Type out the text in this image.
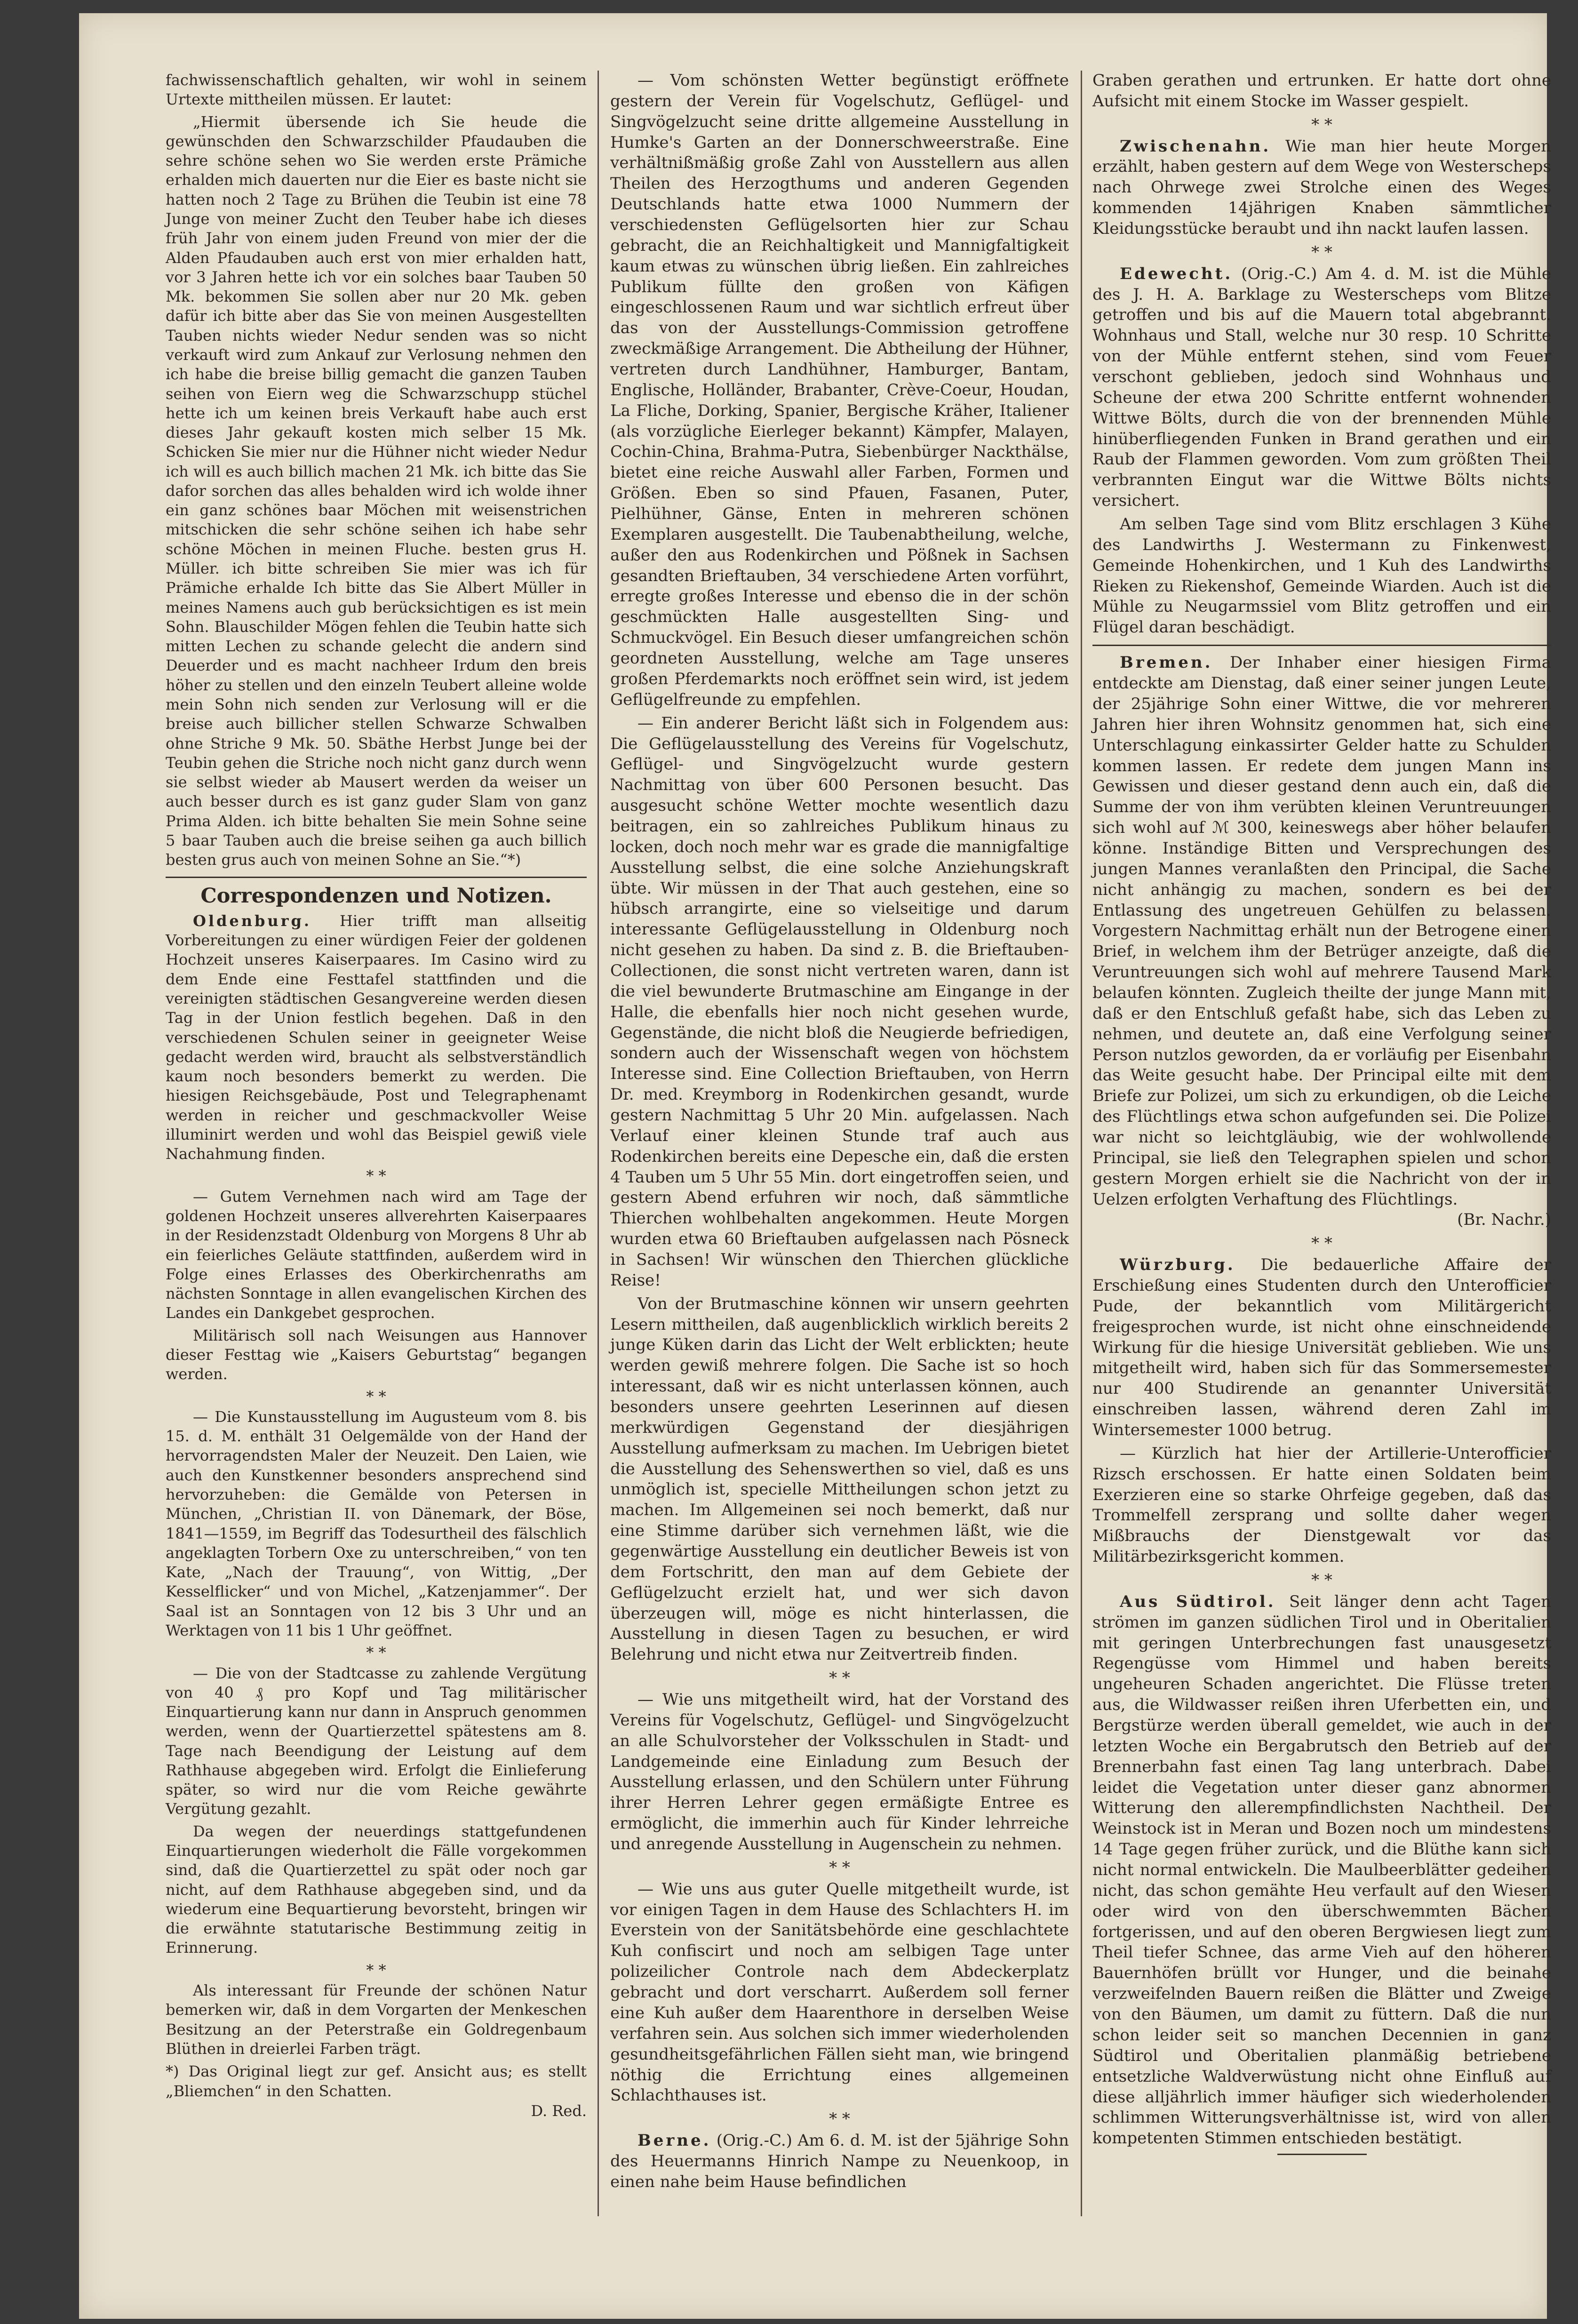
fachwissenschaftlich gehalten, wir wohl in seinem Urtexte mittheilen müssen. Er lautet:

„Hiermit übersende ich Sie heude die gewünschden den Schwarzschilder Pfaudauben die sehre schöne sehen wo Sie werden erste Prämiche erhalden mich dauerten nur die Eier es baste nicht sie hatten noch 2 Tage zu Brühen die Teubin ist eine 78 Junge von meiner Zucht den Teuber habe ich dieses früh Jahr von einem juden Freund von mier der die Alden Pfaudauben auch erst von mier erhalden hatt, vor 3 Jahren hette ich vor ein solches baar Tauben 50 Mk. bekommen Sie sollen aber nur 20 Mk. geben dafür ich bitte aber das Sie von meinen Ausgestellten Tauben nichts wieder Nedur senden was so nicht verkauft wird zum Ankauf zur Verlosung nehmen den ich habe die breise billig gemacht die ganzen Tauben seihen von Eiern weg die Schwarzschupp stüchel hette ich um keinen breis Verkauft habe auch erst dieses Jahr gekauft kosten mich selber 15 Mk. Schicken Sie mier nur die Hühner nicht wieder Nedur ich will es auch billich machen 21 Mk. ich bitte das Sie dafor sorchen das alles behalden wird ich wolde ihner ein ganz schönes baar Möchen mit weisenstrichen mitschicken die sehr schöne seihen ich habe sehr schöne Möchen in meinen Fluche. besten grus H. Müller. ich bitte schreiben Sie mier was ich für Prämiche erhalde Ich bitte das Sie Albert Müller in meines Namens auch gub berücksichtigen es ist mein Sohn. Blauschilder Mögen fehlen die Teubin hatte sich mitten Lechen zu schande gelecht die andern sind Deuerder und es macht nachheer Irdum den breis höher zu stellen und den einzeln Teubert alleine wolde mein Sohn nich senden zur Verlosung will er die breise auch billicher stellen Schwarze Schwalben ohne Striche 9 Mk. 50. Sbäthe Herbst Junge bei der Teubin gehen die Striche noch nicht ganz durch wenn sie selbst wieder ab Mausert werden da weiser un auch besser durch es ist ganz guder Slam von ganz Prima Alden. ich bitte behalten Sie mein Sohne seine 5 baar Tauben auch die breise seihen ga auch billich besten grus auch von meinen Sohne an Sie.“*)

Correspondenzen und Notizen.

Oldenburg. Hier trifft man allseitig Vorbereitungen zu einer würdigen Feier der goldenen Hochzeit unseres Kaiserpaares. Im Casino wird zu dem Ende eine Festtafel stattfinden und die vereinigten städtischen Gesangvereine werden diesen Tag in der Union festlich begehen. Daß in den verschiedenen Schulen seiner in geeigneter Weise gedacht werden wird, braucht als selbstverständlich kaum noch besonders bemerkt zu werden. Die hiesigen Reichsgebäude, Post und Telegraphenamt werden in reicher und geschmackvoller Weise illuminirt werden und wohl das Beispiel gewiß viele Nachahmung finden.

* *

— Gutem Vernehmen nach wird am Tage der goldenen Hochzeit unseres allverehrten Kaiserpaares in der Residenzstadt Oldenburg von Morgens 8 Uhr ab ein feierliches Geläute stattfinden, außerdem wird in Folge eines Erlasses des Oberkirchenraths am nächsten Sonntage in allen evangelischen Kirchen des Landes ein Dankgebet gesprochen.

Militärisch soll nach Weisungen aus Hannover dieser Festtag wie „Kaisers Geburtstag“ begangen werden.

* *

— Die Kunstausstellung im Augusteum vom 8. bis 15. d. M. enthält 31 Oelgemälde von der Hand der hervorragendsten Maler der Neuzeit. Den Laien, wie auch den Kunstkenner besonders ansprechend sind hervorzuheben: die Gemälde von Petersen in München, „Christian II. von Dänemark, der Böse, 1841—1559, im Begriff das Todesurtheil des fälschlich angeklagten Torbern Oxe zu unterschreiben,“ von ten Kate, „Nach der Trauung“, von Wittig, „Der Kesselflicker“ und von Michel, „Katzenjammer“. Der Saal ist an Sonntagen von 12 bis 3 Uhr und an Werktagen von 11 bis 1 Uhr geöffnet.

* *

— Die von der Stadtcasse zu zahlende Vergütung von 40 ₰ pro Kopf und Tag militärischer Einquartierung kann nur dann in Anspruch genommen werden, wenn der Quartierzettel spätestens am 8. Tage nach Beendigung der Leistung auf dem Rathhause abgegeben wird. Erfolgt die Einlieferung später, so wird nur die vom Reiche gewährte Vergütung gezahlt.

Da wegen der neuerdings stattgefundenen Einquartierungen wiederholt die Fälle vorgekommen sind, daß die Quartierzettel zu spät oder noch gar nicht, auf dem Rathhause abgegeben sind, und da wiederum eine Bequartierung bevorsteht, bringen wir die erwähnte statutarische Bestimmung zeitig in Erinnerung.

* *

Als interessant für Freunde der schönen Natur bemerken wir, daß in dem Vorgarten der Menkeschen Besitzung an der Peterstraße ein Goldregenbaum Blüthen in dreierlei Farben trägt.

*) Das Original liegt zur gef. Ansicht aus; es stellt „Bliemchen“ in den Schatten.
D. Red.

— Vom schönsten Wetter begünstigt eröffnete gestern der Verein für Vogelschutz, Geflügel- und Singvögelzucht seine dritte allgemeine Ausstellung in Humke's Garten an der Donnerschweerstraße. Eine verhältnißmäßig große Zahl von Ausstellern aus allen Theilen des Herzogthums und anderen Gegenden Deutschlands hatte etwa 1000 Nummern der verschiedensten Geflügelsorten hier zur Schau gebracht, die an Reichhaltigkeit und Mannigfaltigkeit kaum etwas zu wünschen übrig ließen. Ein zahlreiches Publikum füllte den großen von Käfigen eingeschlossenen Raum und war sichtlich erfreut über das von der Ausstellungs-Commission getroffene zweckmäßige Arrangement. Die Abtheilung der Hühner, vertreten durch Landhühner, Hamburger, Bantam, Englische, Holländer, Brabanter, Crève-Coeur, Houdan, La Fliche, Dorking, Spanier, Bergische Kräher, Italiener (als vorzügliche Eierleger bekannt) Kämpfer, Malayen, Cochin-China, Brahma-Putra, Siebenbürger Nackthälse, bietet eine reiche Auswahl aller Farben, Formen und Größen. Eben so sind Pfauen, Fasanen, Puter, Pielhühner, Gänse, Enten in mehreren schönen Exemplaren ausgestellt. Die Taubenabtheilung, welche, außer den aus Rodenkirchen und Pößnek in Sachsen gesandten Brieftauben, 34 verschiedene Arten vorführt, erregte großes Interesse und ebenso die in der schön geschmückten Halle ausgestellten Sing- und Schmuckvögel. Ein Besuch dieser umfangreichen schön geordneten Ausstellung, welche am Tage unseres großen Pferdemarkts noch eröffnet sein wird, ist jedem Geflügelfreunde zu empfehlen.

— Ein anderer Bericht läßt sich in Folgendem aus: Die Geflügelausstellung des Vereins für Vogelschutz, Geflügel- und Singvögelzucht wurde gestern Nachmittag von über 600 Personen besucht. Das ausgesucht schöne Wetter mochte wesentlich dazu beitragen, ein so zahlreiches Publikum hinaus zu locken, doch noch mehr war es grade die mannigfaltige Ausstellung selbst, die eine solche Anziehungskraft übte. Wir müssen in der That auch gestehen, eine so hübsch arrangirte, eine so vielseitige und darum interessante Geflügelausstellung in Oldenburg noch nicht gesehen zu haben. Da sind z. B. die Brieftauben-Collectionen, die sonst nicht vertreten waren, dann ist die viel bewunderte Brutmaschine am Eingange in der Halle, die ebenfalls hier noch nicht gesehen wurde, Gegenstände, die nicht bloß die Neugierde befriedigen, sondern auch der Wissenschaft wegen von höchstem Interesse sind. Eine Collection Brieftauben, von Herrn Dr. med. Kreymborg in Rodenkirchen gesandt, wurde gestern Nachmittag 5 Uhr 20 Min. aufgelassen. Nach Verlauf einer kleinen Stunde traf auch aus Rodenkirchen bereits eine Depesche ein, daß die ersten 4 Tauben um 5 Uhr 55 Min. dort eingetroffen seien, und gestern Abend erfuhren wir noch, daß sämmtliche Thierchen wohlbehalten angekommen. Heute Morgen wurden etwa 60 Brieftauben aufgelassen nach Pösneck in Sachsen! Wir wünschen den Thierchen glückliche Reise!

Von der Brutmaschine können wir unsern geehrten Lesern mittheilen, daß augenblicklich wirklich bereits 2 junge Küken darin das Licht der Welt erblickten; heute werden gewiß mehrere folgen. Die Sache ist so hoch interessant, daß wir es nicht unterlassen können, auch besonders unsere geehrten Leserinnen auf diesen merkwürdigen Gegenstand der diesjährigen Ausstellung aufmerksam zu machen. Im Uebrigen bietet die Ausstellung des Sehenswerthen so viel, daß es uns unmöglich ist, specielle Mittheilungen schon jetzt zu machen. Im Allgemeinen sei noch bemerkt, daß nur eine Stimme darüber sich vernehmen läßt, wie die gegenwärtige Ausstellung ein deutlicher Beweis ist von dem Fortschritt, den man auf dem Gebiete der Geflügelzucht erzielt hat, und wer sich davon überzeugen will, möge es nicht hinterlassen, die Ausstellung in diesen Tagen zu besuchen, er wird Belehrung und nicht etwa nur Zeitvertreib finden.

* *

— Wie uns mitgetheilt wird, hat der Vorstand des Vereins für Vogelschutz, Geflügel- und Singvögelzucht an alle Schulvorsteher der Volksschulen in Stadt- und Landgemeinde eine Einladung zum Besuch der Ausstellung erlassen, und den Schülern unter Führung ihrer Herren Lehrer gegen ermäßigte Entree es ermöglicht, die immerhin auch für Kinder lehrreiche und anregende Ausstellung in Augenschein zu nehmen.

* *

— Wie uns aus guter Quelle mitgetheilt wurde, ist vor einigen Tagen in dem Hause des Schlachters H. im Everstein von der Sanitätsbehörde eine geschlachtete Kuh confiscirt und noch am selbigen Tage unter polizeilicher Controle nach dem Abdeckerplatz gebracht und dort verscharrt. Außerdem soll ferner eine Kuh außer dem Haarenthore in derselben Weise verfahren sein. Aus solchen sich immer wiederholenden gesundheitsgefährlichen Fällen sieht man, wie bringend nöthig die Errichtung eines allgemeinen Schlachthauses ist.

* *

Berne. (Orig.-C.) Am 6. d. M. ist der 5jährige Sohn des Heuermanns Hinrich Nampe zu Neuenkoop, in einen nahe beim Hause befindlichen

Graben gerathen und ertrunken. Er hatte dort ohne Aufsicht mit einem Stocke im Wasser gespielt.

* *

Zwischenahn. Wie man hier heute Morgen erzählt, haben gestern auf dem Wege von Westerscheps nach Ohrwege zwei Strolche einen des Weges kommenden 14jährigen Knaben sämmtlicher Kleidungsstücke beraubt und ihn nackt laufen lassen.

* *

Edewecht. (Orig.-C.) Am 4. d. M. ist die Mühle des J. H. A. Barklage zu Westerscheps vom Blitze getroffen und bis auf die Mauern total abgebrannt. Wohnhaus und Stall, welche nur 30 resp. 10 Schritte von der Mühle entfernt stehen, sind vom Feuer verschont geblieben, jedoch sind Wohnhaus und Scheune der etwa 200 Schritte entfernt wohnenden Wittwe Bölts, durch die von der brennenden Mühle hinüberfliegenden Funken in Brand gerathen und ein Raub der Flammen geworden. Vom zum größten Theil verbrannten Eingut war die Wittwe Bölts nichts versichert.

Am selben Tage sind vom Blitz erschlagen 3 Kühe des Landwirths J. Westermann zu Finkenwest, Gemeinde Hohenkirchen, und 1 Kuh des Landwirths Rieken zu Riekenshof, Gemeinde Wiarden. Auch ist die Mühle zu Neugarmssiel vom Blitz getroffen und ein Flügel daran beschädigt.

Bremen. Der Inhaber einer hiesigen Firma entdeckte am Dienstag, daß einer seiner jungen Leute, der 25jährige Sohn einer Wittwe, die vor mehreren Jahren hier ihren Wohnsitz genommen hat, sich eine Unterschlagung einkassirter Gelder hatte zu Schulden kommen lassen. Er redete dem jungen Mann ins Gewissen und dieser gestand denn auch ein, daß die Summe der von ihm verübten kleinen Veruntreuungen sich wohl auf ℳ 300, keineswegs aber höher belaufen könne. Inständige Bitten und Versprechungen des jungen Mannes veranlaßten den Principal, die Sache nicht anhängig zu machen, sondern es bei der Entlassung des ungetreuen Gehülfen zu belassen. Vorgestern Nachmittag erhält nun der Betrogene einen Brief, in welchem ihm der Betrüger anzeigte, daß die Veruntreuungen sich wohl auf mehrere Tausend Mark belaufen könnten. Zugleich theilte der junge Mann mit, daß er den Entschluß gefaßt habe, sich das Leben zu nehmen, und deutete an, daß eine Verfolgung seiner Person nutzlos geworden, da er vorläufig per Eisenbahn das Weite gesucht habe. Der Principal eilte mit dem Briefe zur Polizei, um sich zu erkundigen, ob die Leiche des Flüchtlings etwa schon aufgefunden sei. Die Polizei war nicht so leichtgläubig, wie der wohlwollende Principal, sie ließ den Telegraphen spielen und schon gestern Morgen erhielt sie die Nachricht von der in Uelzen erfolgten Verhaftung des Flüchtlings.
(Br. Nachr.)

* *

Würzburg. Die bedauerliche Affaire der Erschießung eines Studenten durch den Unterofficier Pude, der bekanntlich vom Militärgericht freigesprochen wurde, ist nicht ohne einschneidende Wirkung für die hiesige Universität geblieben. Wie uns mitgetheilt wird, haben sich für das Sommersemester nur 400 Studirende an genannter Universität einschreiben lassen, während deren Zahl im Wintersemester 1000 betrug.

— Kürzlich hat hier der Artillerie-Unterofficier Rizsch erschossen. Er hatte einen Soldaten beim Exerzieren eine so starke Ohrfeige gegeben, daß das Trommelfell zersprang und sollte daher wegen Mißbrauchs der Dienstgewalt vor das Militärbezirksgericht kommen.

* *

Aus Südtirol. Seit länger denn acht Tagen strömen im ganzen südlichen Tirol und in Oberitalien mit geringen Unterbrechungen fast unausgesetzt Regengüsse vom Himmel und haben bereits ungeheuren Schaden angerichtet. Die Flüsse treten aus, die Wildwasser reißen ihren Uferbetten ein, und Bergstürze werden überall gemeldet, wie auch in der letzten Woche ein Bergabrutsch den Betrieb auf der Brennerbahn fast einen Tag lang unterbrach. Dabei leidet die Vegetation unter dieser ganz abnormen Witterung den allerempfindlichsten Nachtheil. Der Weinstock ist in Meran und Bozen noch um mindestens 14 Tage gegen früher zurück, und die Blüthe kann sich nicht normal entwickeln. Die Maulbeerblätter gedeihen nicht, das schon gemähte Heu verfault auf den Wiesen oder wird von den überschwemmten Bächen fortgerissen, und auf den oberen Bergwiesen liegt zum Theil tiefer Schnee, das arme Vieh auf den höheren Bauernhöfen brüllt vor Hunger, und die beinahe verzweifelnden Bauern reißen die Blätter und Zweige von den Bäumen, um damit zu füttern. Daß die nun schon leider seit so manchen Decennien in ganz Südtirol und Oberitalien planmäßig betriebene entsetzliche Waldverwüstung nicht ohne Einfluß auf diese alljährlich immer häufiger sich wiederholenden schlimmen Witterungsverhältnisse ist, wird von allen kompetenten Stimmen entschieden bestätigt.
